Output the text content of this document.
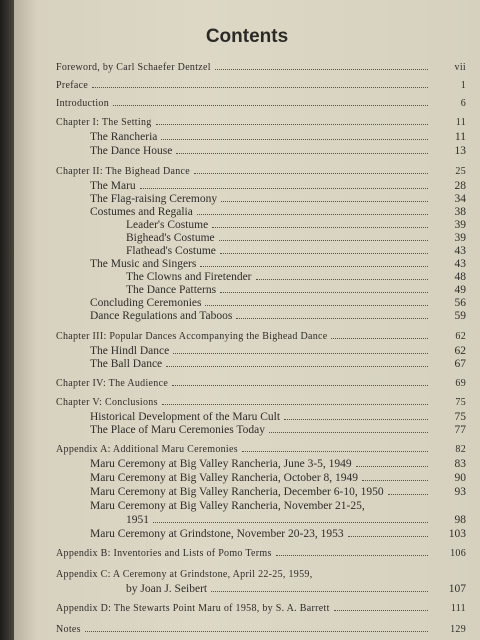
Contents
Foreword, by Carl Schaefer Dentzel	vii
Preface	1
Introduction	6
Chapter I: The Setting	11
The Rancheria	11
The Dance House	13
Chapter II: The Bighead Dance	25
The Maru	28
The Flag-raising Ceremony	34
Costumes and Regalia	38
Leader's Costume	39
Bighead's Costume	39
Flathead's Costume	43
The Music and Singers	43
The Clowns and Firetender	48
The Dance Patterns	49
Concluding Ceremonies	56
Dance Regulations and Taboos	59
Chapter III: Popular Dances Accompanying the Bighead Dance	62
The Hindl Dance	62
The Ball Dance	67
Chapter IV: The Audience	69
Chapter V: Conclusions	75
Historical Development of the Maru Cult	75
The Place of Maru Ceremonies Today	77
Appendix A: Additional Maru Ceremonies	82
Maru Ceremony at Big Valley Rancheria, June 3-5, 1949	83
Maru Ceremony at Big Valley Rancheria, October 8, 1949	90
Maru Ceremony at Big Valley Rancheria, December 6-10, 1950	93
Maru Ceremony at Big Valley Rancheria, November 21-25,
1951	98
Maru Ceremony at Grindstone, November 20-23, 1953	103
Appendix B: Inventories and Lists of Pomo Terms	106
Appendix C: A Ceremony at Grindstone, April 22-25, 1959,
by Joan J. Seibert	107
Appendix D: The Stewarts Point Maru of 1958, by S. A. Barrett	111
Notes	129
